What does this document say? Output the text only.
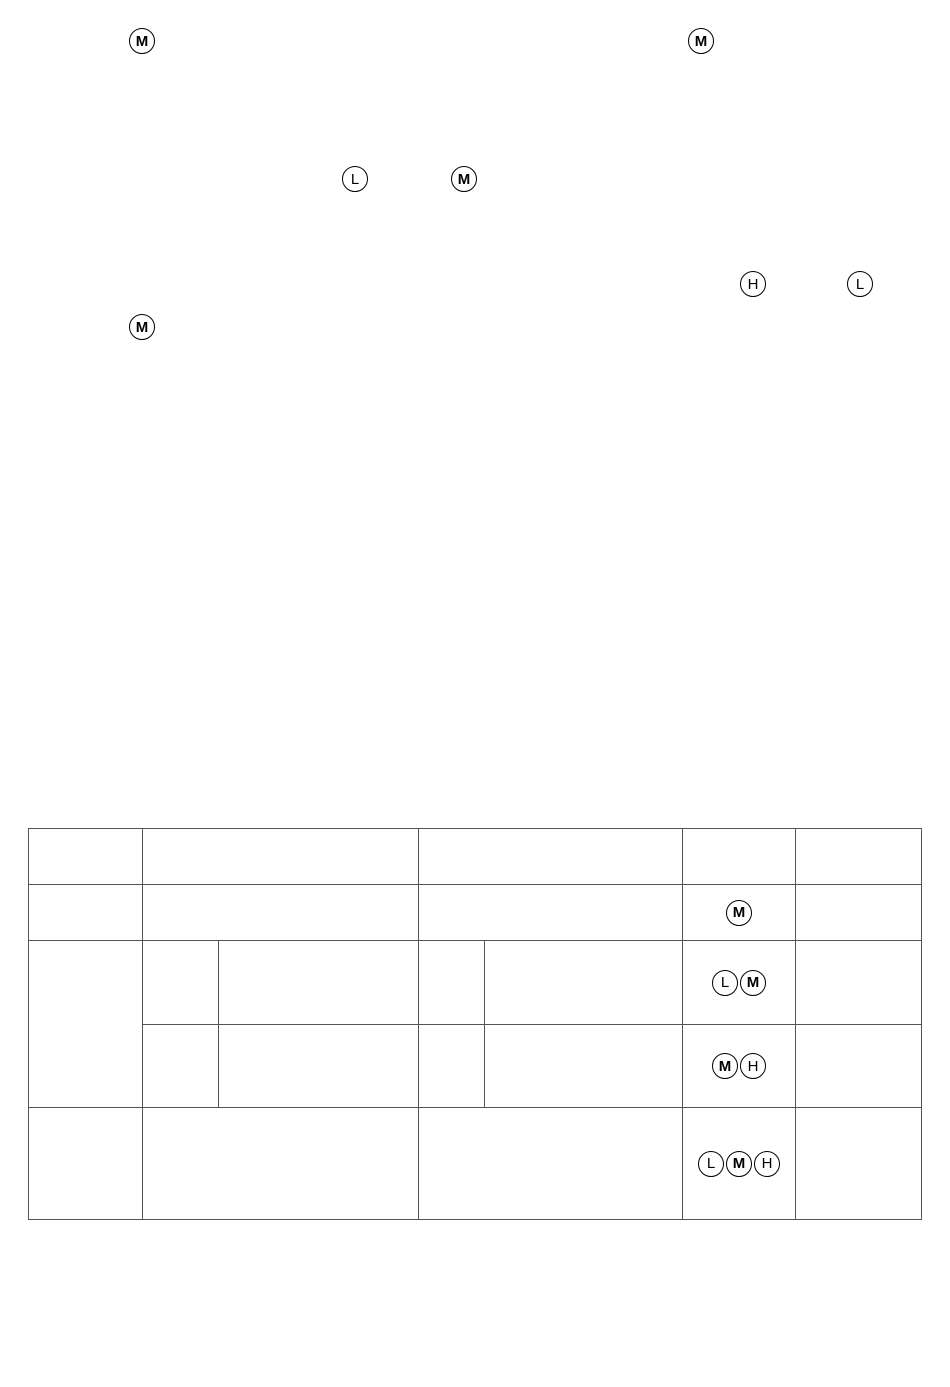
M	M
L	M
H	L
M

M	

L M	

M H	

L M H	
